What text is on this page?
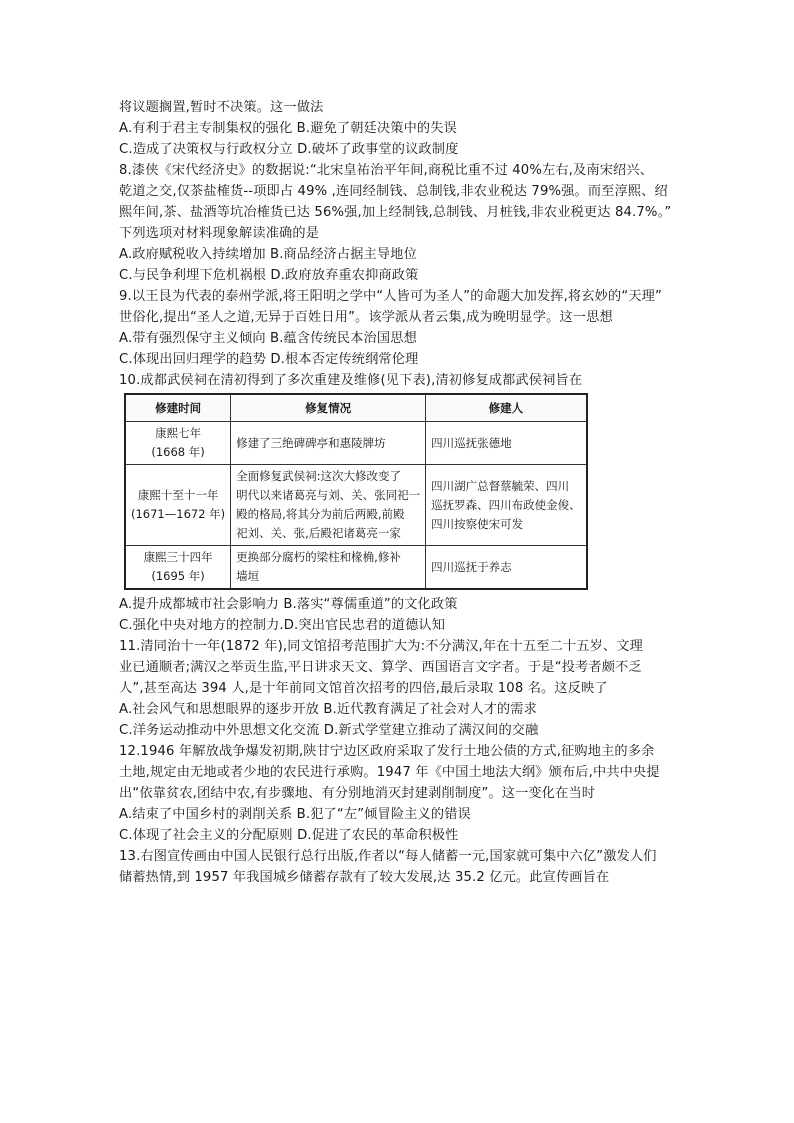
将议题搁置,暂时不决策。这一做法
A.有利于君主专制集权的强化 B.避免了朝廷决策中的失误
C.造成了决策权与行政权分立 D.破坏了政事堂的议政制度
8.漆侠《宋代经济史》的数据说:“北宋皇祐治平年间,商税比重不过 40%左右,及南宋绍兴、
乾道之交,仅茶盐榷货--项即占 49% ,连同经制钱、总制钱,非农业税达 79%强。而至淳熙、绍
熙年间,茶、盐酒等坑冶榷货已达 56%强,加上经制钱,总制钱、月桩钱,非农业税更达 84.7%。”
下列选项对材料现象解读准确的是
A.政府赋税收入持续增加 B.商品经济占据主导地位
C.与民争利埋下危机祸根 D.政府放弃重农抑商政策
9.以王艮为代表的泰州学派,将王阳明之学中“人皆可为圣人”的命题大加发挥,将玄妙的“天理”
世俗化,提出“圣人之道,无异于百姓日用”。该学派从者云集,成为晚明显学。这一思想
A.带有强烈保守主义倾向 B.蕴含传统民本治国思想
C.体现出回归理学的趋势 D.根本否定传统纲常伦理
10.成都武侯祠在清初得到了多次重建及维修(见下表),清初修复成都武侯祠旨在
修建时间	修复情况	修建人

康熙七年
(1668 年)	修建了三绝碑碑亭和惠陵牌坊	四川巡抚张德地

康熙十至十一年
(1671—1672 年)	全面修复武侯祠:这次大修改变了
明代以来诸葛亮与刘、关、张同祀一
殿的格局,将其分为前后两殿,前殿
祀刘、关、张,后殿祀诸葛亮一家	四川湖广总督蔡毓荣、四川
巡抚罗森、四川布政使金俊、
四川按察使宋可发

康熙三十四年
(1695 年)	更换部分腐朽的梁柱和椽桷,修补
墙垣	四川巡抚于养志
A.提升成都城市社会影响力 B.落实“尊儒重道”的文化政策
C.强化中央对地方的控制力.D.突出官民忠君的道德认知
11.清同治十一年(1872 年),同文馆招考范围扩大为:不分满汉,年在十五至二十五岁、文理
业已通顺者;满汉之举贡生监,平日讲求天文、算学、西国语言文字者。于是“投考者颇不乏
人”,甚至高达 394 人,是十年前同文馆首次招考的四倍,最后录取 108 名。这反映了
A.社会风气和思想眼界的逐步开放 B.近代教育满足了社会对人才的需求
C.洋务运动推动中外思想文化交流 D.新式学堂建立推动了满汉间的交融
12.1946 年解放战争爆发初期,陕甘宁边区政府采取了发行土地公债的方式,征购地主的多余
土地,规定由无地或者少地的农民进行承购。1947 年《中国土地法大纲》颁布后,中共中央提
出“依靠贫农,团结中农,有步骤地、有分别地消灭封建剥削制度”。这一变化在当时
A.结束了中国乡村的剥削关系 B.犯了“左”倾冒险主义的错误
C.体现了社会主义的分配原则 D.促进了农民的革命积极性
13.右图宣传画由中国人民银行总行出版,作者以“每人储蓄一元,国家就可集中六亿”激发人们
储蓄热情,到 1957 年我国城乡储蓄存款有了较大发展,达 35.2 亿元。此宣传画旨在
